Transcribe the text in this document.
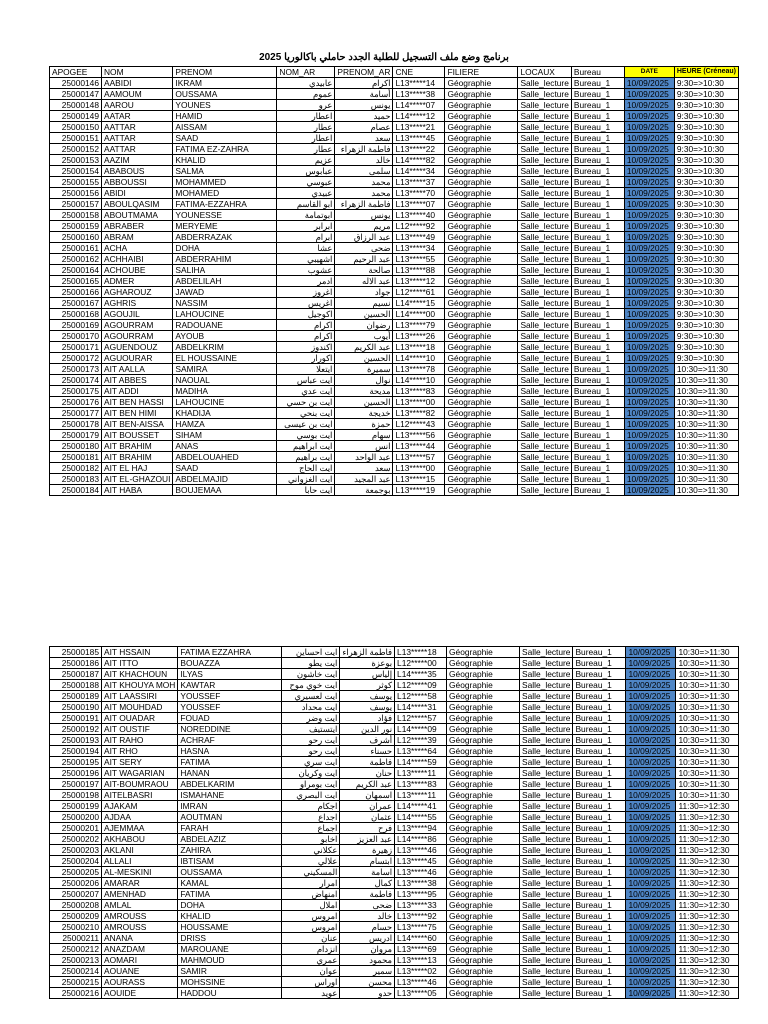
برنامج وضع ملف التسجيل للطلبة الجدد حاملي باكالوريا 2025
APOGEE	NOM	PRENOM	NOM_AR	PRENOM_AR	CNE	FILIERE	LOCAUX	Bureau	DATE	HEURE (Créneau)
25000146	AABIDI	IKRAM	عابيدي	اكرام	L13*****14	Géographie	Salle_lecture	Bureau_1	10/09/2025	9:30=>10:30
25000147	AAMOUM	OUSSAMA	عموم	أسامة	L13*****38	Géographie	Salle_lecture	Bureau_1	10/09/2025	9:30=>10:30
25000148	AAROU	YOUNES	عرو	يونس	L14*****07	Géographie	Salle_lecture	Bureau_1	10/09/2025	9:30=>10:30
25000149	AATAR	HAMID	اعطار	حميد	L14*****12	Géographie	Salle_lecture	Bureau_1	10/09/2025	9:30=>10:30
25000150	AATTAR	AISSAM	عطار	عصام	L13*****21	Géographie	Salle_lecture	Bureau_1	10/09/2025	9:30=>10:30
25000151	AATTAR	SAAD	اعطار	سعد	L13*****45	Géographie	Salle_lecture	Bureau_1	10/09/2025	9:30=>10:30
25000152	AATTAR	FATIMA EZ-ZAHRA	عطار	فاطمة الزهراء	L13*****22	Géographie	Salle_lecture	Bureau_1	10/09/2025	9:30=>10:30
25000153	AAZIM	KHALID	عزيم	خالد	L14*****82	Géographie	Salle_lecture	Bureau_1	10/09/2025	9:30=>10:30
25000154	ABABOUS	SALMA	عبابوس	سلمى	L14*****34	Géographie	Salle_lecture	Bureau_1	10/09/2025	9:30=>10:30
25000155	ABBOUSSI	MOHAMMED	عبوسي	محمد	L13*****37	Géographie	Salle_lecture	Bureau_1	10/09/2025	9:30=>10:30
25000156	ABIDI	MOHAMED	عبيدي	محمد	L13*****70	Géographie	Salle_lecture	Bureau_1	10/09/2025	9:30=>10:30
25000157	ABOULQASIM	FATIMA-EZZAHRA	ابو القاسم	فاطمة الزهراء	L13*****07	Géographie	Salle_lecture	Bureau_1	10/09/2025	9:30=>10:30
25000158	ABOUTMAMA	YOUNESSE	ابوتمامة	يونس	L13*****40	Géographie	Salle_lecture	Bureau_1	10/09/2025	9:30=>10:30
25000159	ABRABER	MERYEME	ابرابر	مريم	L12*****92	Géographie	Salle_lecture	Bureau_1	10/09/2025	9:30=>10:30
25000160	ABRAM	ABDERRAZAK	ابرام	عبد الرزاق	L13*****49	Géographie	Salle_lecture	Bureau_1	10/09/2025	9:30=>10:30
25000161	ACHA	DOHA	عشا	ضحى	L13*****34	Géographie	Salle_lecture	Bureau_1	10/09/2025	9:30=>10:30
25000162	ACHHAIBI	ABDERRAHIM	اشهيبي	عبد الرحيم	L13*****55	Géographie	Salle_lecture	Bureau_1	10/09/2025	9:30=>10:30
25000164	ACHOUBE	SALIHA	عشوب	صالحة	L13*****88	Géographie	Salle_lecture	Bureau_1	10/09/2025	9:30=>10:30
25000165	ADMER	ABDELILAH	ادمر	عبد الاله	L13*****12	Géographie	Salle_lecture	Bureau_1	10/09/2025	9:30=>10:30
25000166	AGHAROUZ	JAWAD	اغروز	جواد	L12*****61	Géographie	Salle_lecture	Bureau_1	10/09/2025	9:30=>10:30
25000167	AGHRIS	NASSIM	اغريس	نسيم	L14*****15	Géographie	Salle_lecture	Bureau_1	10/09/2025	9:30=>10:30
25000168	AGOUJIL	LAHOUCINE	اكوجيل	الحسين	L14*****00	Géographie	Salle_lecture	Bureau_1	10/09/2025	9:30=>10:30
25000169	AGOURRAM	RADOUANE	اكرام	رضوان	L13*****79	Géographie	Salle_lecture	Bureau_1	10/09/2025	9:30=>10:30
25000170	AGOURRAM	AYOUB	اكرام	أيوب	L13*****26	Géographie	Salle_lecture	Bureau_1	10/09/2025	9:30=>10:30
25000171	AGUENDOUZ	ABDELKRIM	اكندوز	عبد الكريم	L13*****18	Géographie	Salle_lecture	Bureau_1	10/09/2025	9:30=>10:30
25000172	AGUOURAR	EL HOUSSAINE	اكورار	الحسين	L14*****10	Géographie	Salle_lecture	Bureau_1	10/09/2025	9:30=>10:30
25000173	AIT AALLA	SAMIRA	ايتعلا	سميرة	L13*****78	Géographie	Salle_lecture	Bureau_1	10/09/2025	10:30=>11:30
25000174	AIT ABBES	NAOUAL	ايت عباس	نوال	L14*****10	Géographie	Salle_lecture	Bureau_1	10/09/2025	10:30=>11:30
25000175	AIT ADDI	MADIHA	ايت عدي	مديحة	L13*****83	Géographie	Salle_lecture	Bureau_1	10/09/2025	10:30=>11:30
25000176	AIT BEN HASSI	LAHOUCINE	ايت بن حسي	الحسين	L13*****00	Géographie	Salle_lecture	Bureau_1	10/09/2025	10:30=>11:30
25000177	AIT BEN HIMI	KHADIJA	ايت بنحي	خديجة	L13*****82	Géographie	Salle_lecture	Bureau_1	10/09/2025	10:30=>11:30
25000178	AIT BEN-AISSA	HAMZA	ايت بن عيسى	حمزة	L12*****43	Géographie	Salle_lecture	Bureau_1	10/09/2025	10:30=>11:30
25000179	AIT BOUSSET	SIHAM	ايت بوسي	سهام	L13*****56	Géographie	Salle_lecture	Bureau_1	10/09/2025	10:30=>11:30
25000180	AIT BRAHIM	ANAS	ايت ابراهيم	انس	L13*****44	Géographie	Salle_lecture	Bureau_1	10/09/2025	10:30=>11:30
25000181	AIT BRAHIM	ABDELOUAHED	ايت براهيم	عبد الواحد	L13*****57	Géographie	Salle_lecture	Bureau_1	10/09/2025	10:30=>11:30
25000182	AIT EL HAJ	SAAD	ايت الحاج	سعد	L13*****00	Géographie	Salle_lecture	Bureau_1	10/09/2025	10:30=>11:30
25000183	AIT EL-GHAZOUI	ABDELMAJID	ايت الغزواني	عبد المجيد	L13*****15	Géographie	Salle_lecture	Bureau_1	10/09/2025	10:30=>11:30
25000184	AIT HABA	BOUJEMAA	ايت حابا	بوجمعة	L13*****19	Géographie	Salle_lecture	Bureau_1	10/09/2025	10:30=>11:30
25000185	AIT HSSAIN	FATIMA EZZAHRA	ايت احساين	فاطمة الزهراء	L13*****18	Géographie	Salle_lecture	Bureau_1	10/09/2025	10:30=>11:30
25000186	AIT ITTO	BOUAZZA	ايت يطو	بوعزة	L12*****00	Géographie	Salle_lecture	Bureau_1	10/09/2025	10:30=>11:30
25000187	AIT KHACHOUN	ILYAS	ايت خاشون	إلياس	L14*****35	Géographie	Salle_lecture	Bureau_1	10/09/2025	10:30=>11:30
25000188	AIT KHOUYA MOH	KAWTAR	ايت خوي موح	كوثر	L12*****09	Géographie	Salle_lecture	Bureau_1	10/09/2025	10:30=>11:30
25000189	AIT LAASSIRI	YOUSSEF	ايت لعسيري	يوسف	L12*****58	Géographie	Salle_lecture	Bureau_1	10/09/2025	10:30=>11:30
25000190	AIT MOUHDAD	YOUSSEF	ايت محداد	يوسف	L14*****31	Géographie	Salle_lecture	Bureau_1	10/09/2025	10:30=>11:30
25000191	AIT OUADAR	FOUAD	ايت وضر	فؤاد	L12*****57	Géographie	Salle_lecture	Bureau_1	10/09/2025	10:30=>11:30
25000192	AIT OUSTIF	NOREDDINE	ايتستيف	نور الدين	L14*****09	Géographie	Salle_lecture	Bureau_1	10/09/2025	10:30=>11:30
25000193	AIT RAHO	ACHRAF	ايت رحو	أشرف	L12*****39	Géographie	Salle_lecture	Bureau_1	10/09/2025	10:30=>11:30
25000194	AIT RHO	HASNA	ايت رحو	حسناء	L13*****64	Géographie	Salle_lecture	Bureau_1	10/09/2025	10:30=>11:30
25000195	AIT SERY	FATIMA	ايت سري	فاطمة	L14*****59	Géographie	Salle_lecture	Bureau_1	10/09/2025	10:30=>11:30
25000196	AIT WAGARIAN	HANAN	ايت وكريان	حنان	L13*****11	Géographie	Salle_lecture	Bureau_1	10/09/2025	10:30=>11:30
25000197	AIT-BOUMRAOU	ABDELKARIM	ايت بومراو	عبد الكريم	L13*****83	Géographie	Salle_lecture	Bureau_1	10/09/2025	10:30=>11:30
25000198	AITELBASRI	ISMAHANE	ايت البصري	اسمهان	L13*****11	Géographie	Salle_lecture	Bureau_1	10/09/2025	10:30=>11:30
25000199	AJAKAM	IMRAN	اجكام	عمران	L14*****41	Géographie	Salle_lecture	Bureau_1	10/09/2025	11:30=>12:30
25000200	AJDAA	AOUTMAN	اجداع	عثمان	L14*****55	Géographie	Salle_lecture	Bureau_1	10/09/2025	11:30=>12:30
25000201	AJEMMAA	FARAH	اجماع	فرح	L13*****94	Géographie	Salle_lecture	Bureau_1	10/09/2025	11:30=>12:30
25000202	AKHABOU	ABDELAZIZ	اخابو	عبد العزيز	L14*****86	Géographie	Salle_lecture	Bureau_1	10/09/2025	11:30=>12:30
25000203	AKLANI	ZAHIRA	عكلاني	زهيرة	L13*****46	Géographie	Salle_lecture	Bureau_1	10/09/2025	11:30=>12:30
25000204	ALLALI	IBTISAM	علالي	ابتسام	L13*****45	Géographie	Salle_lecture	Bureau_1	10/09/2025	11:30=>12:30
25000205	AL-MESKINI	OUSSAMA	المسكيني	اسامة	L13*****46	Géographie	Salle_lecture	Bureau_1	10/09/2025	11:30=>12:30
25000206	AMARAR	KAMAL	امرار	كمال	L13*****38	Géographie	Salle_lecture	Bureau_1	10/09/2025	11:30=>12:30
25000207	AMENHAD	FATIMA	امنهاض	فاطمة	L13*****95	Géographie	Salle_lecture	Bureau_1	10/09/2025	11:30=>12:30
25000208	AMLAL	DOHA	املال	ضحى	L13*****33	Géographie	Salle_lecture	Bureau_1	10/09/2025	11:30=>12:30
25000209	AMROUSS	KHALID	امروس	خالد	L13*****92	Géographie	Salle_lecture	Bureau_1	10/09/2025	11:30=>12:30
25000210	AMROUSS	HOUSSAME	امروس	حسام	L13*****75	Géographie	Salle_lecture	Bureau_1	10/09/2025	11:30=>12:30
25000211	ANANA	DRISS	عنان	ادريس	L14*****60	Géographie	Salle_lecture	Bureau_1	10/09/2025	11:30=>12:30
25000212	ANAZDAM	MAROUANE	انزدام	مروان	L13*****69	Géographie	Salle_lecture	Bureau_1	10/09/2025	11:30=>12:30
25000213	AOMARI	MAHMOUD	عمري	محمود	L13*****13	Géographie	Salle_lecture	Bureau_1	10/09/2025	11:30=>12:30
25000214	AOUANE	SAMIR	عوان	سمير	L13*****02	Géographie	Salle_lecture	Bureau_1	10/09/2025	11:30=>12:30
25000215	AOURASS	MOHSSINE	اوراس	محسن	L13*****46	Géographie	Salle_lecture	Bureau_1	10/09/2025	11:30=>12:30
25000216	AOUIDE	HADDOU	عويد	حدو	L13*****05	Géographie	Salle_lecture	Bureau_1	10/09/2025	11:30=>12:30
